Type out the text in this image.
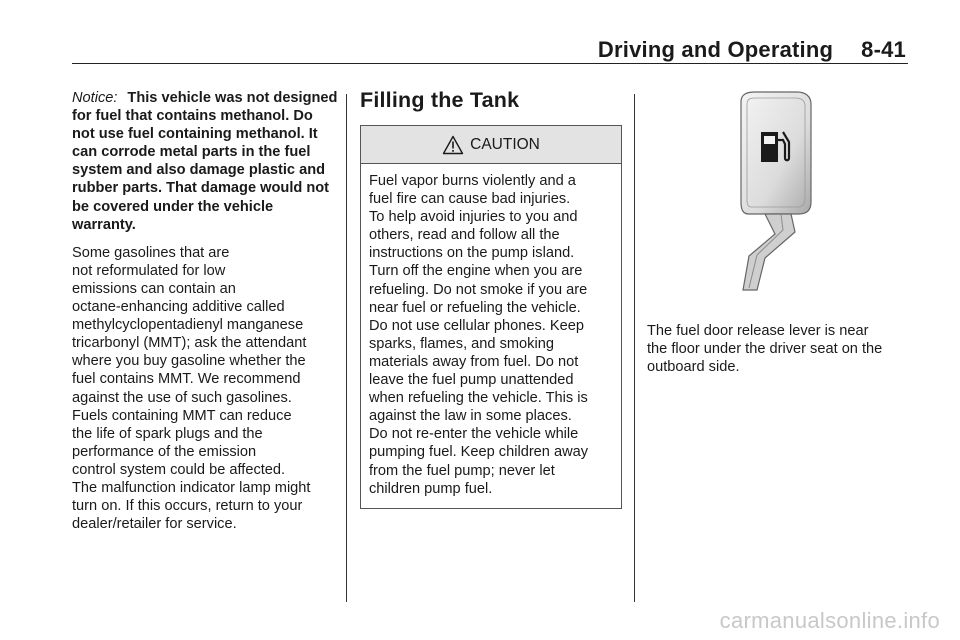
Driving and Operating 8-41

Notice: This vehicle was not designed for fuel that contains methanol. Do not use fuel containing methanol. It can corrode metal parts in the fuel system and also damage plastic and rubber parts. That damage would not be covered under the vehicle warranty.

Some gasolines that are
not reformulated for low
emissions can contain an
octane-enhancing additive called
methylcyclopentadienyl manganese
tricarbonyl (MMT); ask the attendant
where you buy gasoline whether the
fuel contains MMT. We recommend
against the use of such gasolines.
Fuels containing MMT can reduce
the life of spark plugs and the
performance of the emission
control system could be affected.
The malfunction indicator lamp might
turn on. If this occurs, return to your
dealer/retailer for service.

Filling the Tank
CAUTION
Fuel vapor burns violently and a
fuel fire can cause bad injuries.
To help avoid injuries to you and
others, read and follow all the
instructions on the pump island.
Turn off the engine when you are
refueling. Do not smoke if you are
near fuel or refueling the vehicle.
Do not use cellular phones. Keep
sparks, flames, and smoking
materials away from fuel. Do not
leave the fuel pump unattended
when refueling the vehicle. This is
against the law in some places.
Do not re-enter the vehicle while
pumping fuel. Keep children away
from the fuel pump; never let
children pump fuel.
The fuel door release lever is near
the floor under the driver seat on the
outboard side.
carmanualsonline.info
